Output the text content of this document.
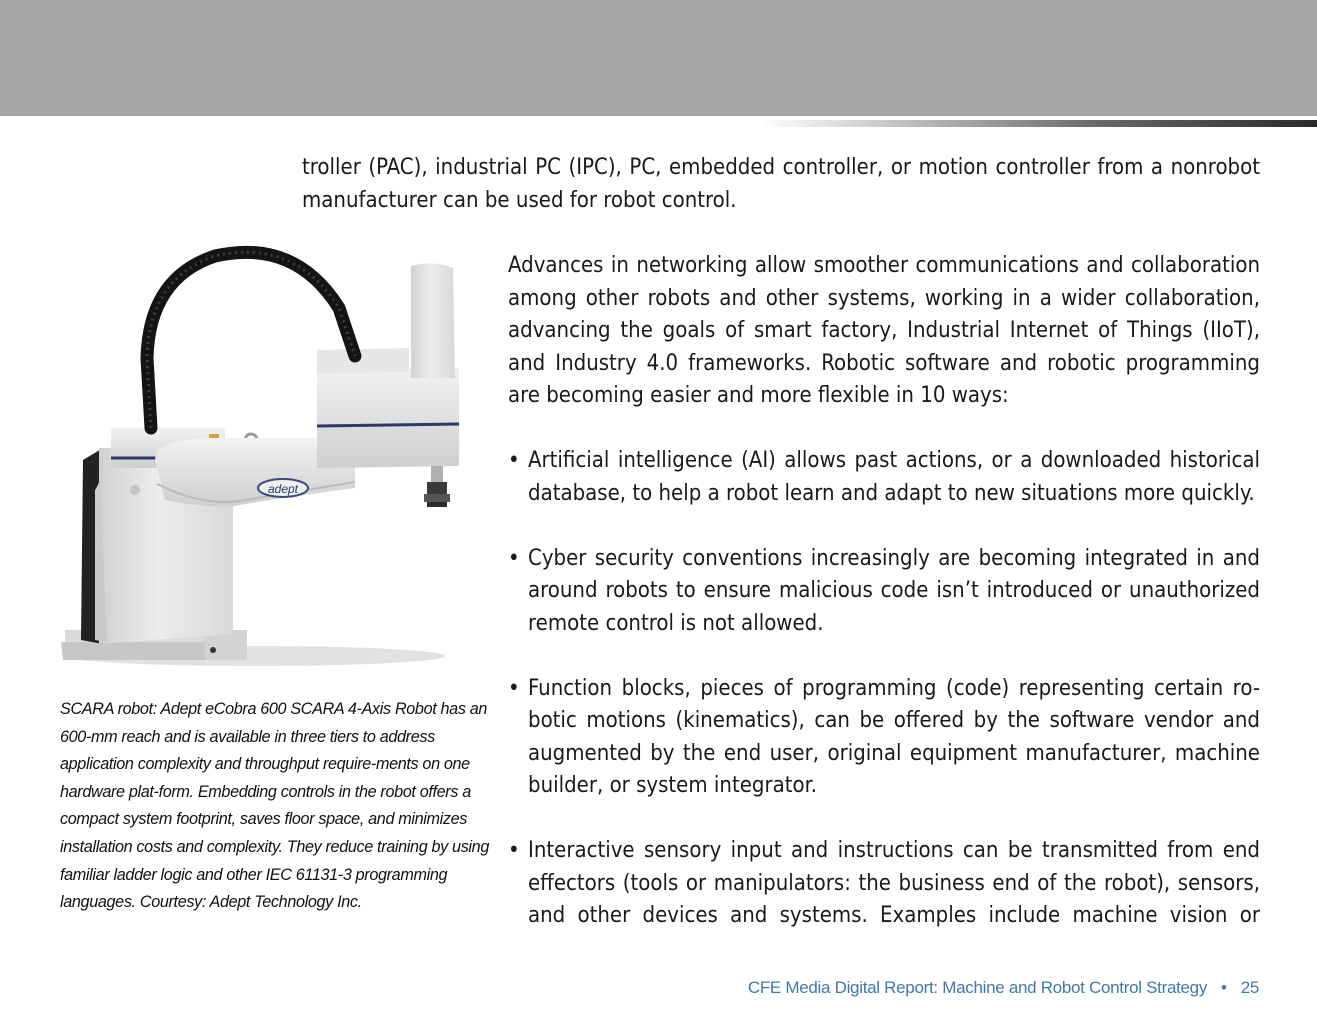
troller (PAC), industrial PC (IPC), PC, embedded controller, or motion controller from a nonrobot manufacturer can be used for robot control.

adept

SCARA robot: Adept eCobra 600 SCARA 4-Axis Robot has an 600-mm reach and is available in three tiers to address application complexity and throughput require-ments on one hardware plat-form. Embedding controls in the robot offers a compact system footprint, saves floor space, and minimizes installation costs and complexity. They reduce training by using familiar ladder logic and other IEC 61131-3 programming languages. Courtesy: Adept Technology Inc.

Advances in networking allow smoother communications and collaboration among other robots and other systems, working in a wider collaboration, advancing the goals of smart factory, Industrial Internet of Things (IIoT), and Industry 4.0 frameworks. Robotic software and robotic programming are becoming easier and more flexible in 10 ways:

• Artificial intelligence (AI) allows past actions, or a downloaded historical database, to help a robot learn and adapt to new situations more quickly.

• Cyber security conventions increasingly are becoming integrated in and around robots to ensure malicious code isn’t introduced or unauthorized remote control is not allowed.

• Function blocks, pieces of programming (code) representing certain ro-botic motions (kinematics), can be offered by the software vendor and augmented by the end user, original equipment manufacturer, machine builder, or system integrator.

• Interactive sensory input and instructions can be transmitted from end effectors (tools or manipulators: the business end of the robot), sensors, and other devices and systems. Examples include machine vision or

CFE Media Digital Report: Machine and Robot Control Strategy • 25
